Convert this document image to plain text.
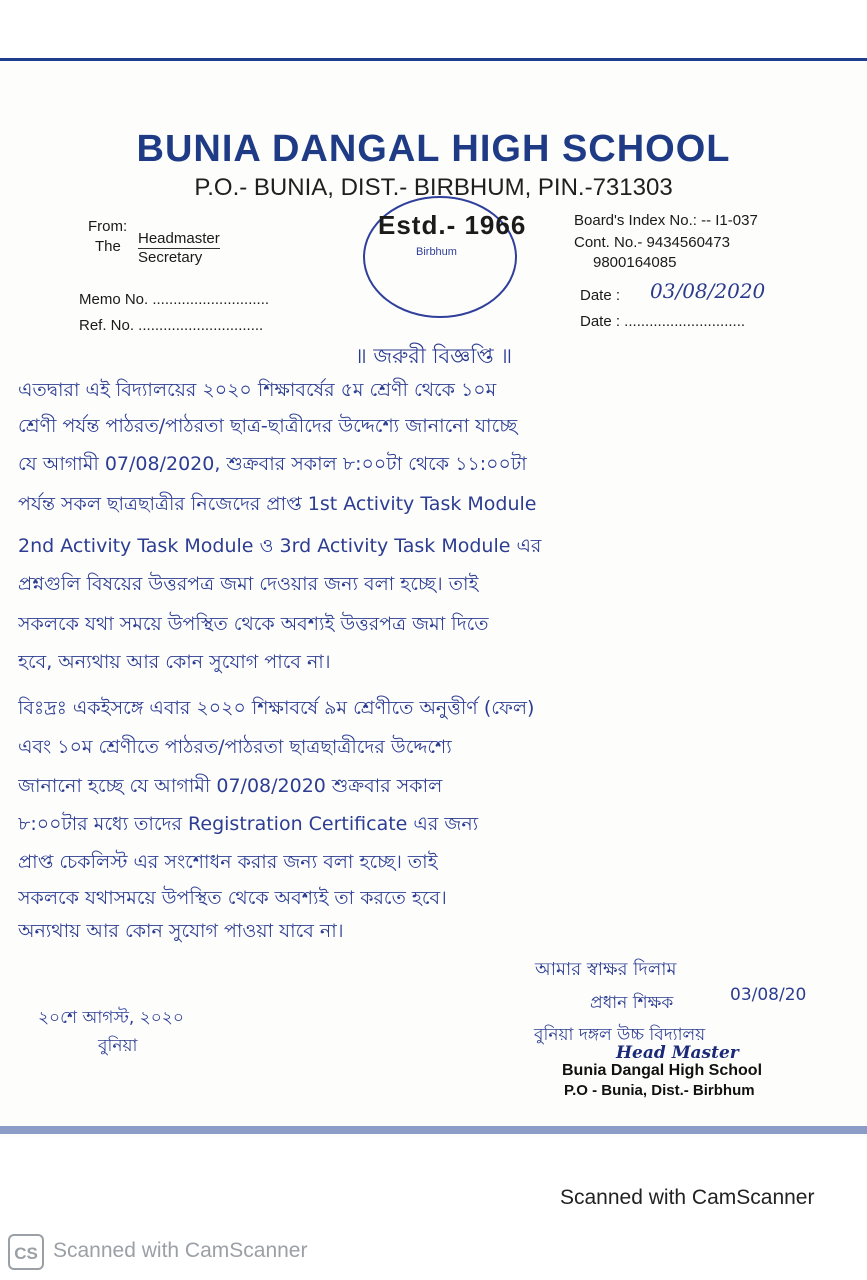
BUNIA DANGAL HIGH SCHOOL
P.O.- BUNIA, DIST.- BIRBHUM, PIN.-731303
Estd.- 1966
Birbhum
From:
The Headmaster
Secretary
Board's Index No.: -- I1-037
Cont. No.- 9434560473
9800164085
Memo No. ............................
Ref. No. ..............................
Date : 03/08/2020
Date : .............................
॥ জরুরী বিজ্ঞপ্তি ॥
এতদ্বারা এই বিদ্যালয়ের ২০২০ শিক্ষাবর্ষের ৫ম শ্রেণী থেকে ১০ম
শ্রেণী পর্যন্ত পাঠরত/পাঠরতা ছাত্র-ছাত্রীদের উদ্দেশ্যে জানানো যাচ্ছে
যে আগামী 07/08/2020, শুক্রবার সকাল ৮:০০টা থেকে ১১:০০টা
পর্যন্ত সকল ছাত্রছাত্রীর নিজেদের প্রাপ্ত 1st Activity Task Module
2nd Activity Task Module ও 3rd Activity Task Module এর
প্রশ্নগুলি বিষয়ের উত্তরপত্র জমা দেওয়ার জন্য বলা হচ্ছে। তাই
সকলকে যথা সময়ে উপস্থিত থেকে অবশ্যই উত্তরপত্র জমা দিতে
হবে, অন্যথায় আর কোন সুযোগ পাবে না।
বিঃদ্রঃ একইসঙ্গে এবার ২০২০ শিক্ষাবর্ষে ৯ম শ্রেণীতে অনুত্তীর্ণ (ফেল)
এবং ১০ম শ্রেণীতে পাঠরত/পাঠরতা ছাত্রছাত্রীদের উদ্দেশ্যে
জানানো হচ্ছে যে আগামী 07/08/2020 শুক্রবার সকাল
৮:০০টার মধ্যে তাদের Registration Certificate এর জন্য
প্রাপ্ত চেকলিস্ট এর সংশোধন করার জন্য বলা হচ্ছে। তাই
সকলকে যথাসময়ে উপস্থিত থেকে অবশ্যই তা করতে হবে।
অন্যথায় আর কোন সুযোগ পাওয়া যাবে না।
আমার স্বাক্ষর দিলাম
প্রধান শিক্ষক	03/08/20
বুনিয়া দঙ্গল উচ্চ বিদ্যালয়
Head Master
Bunia Dangal High School
P.O - Bunia, Dist.- Birbhum
২০শে আগস্ট, ২০২০
বুনিয়া
Scanned with CamScanner
CS Scanned with CamScanner
